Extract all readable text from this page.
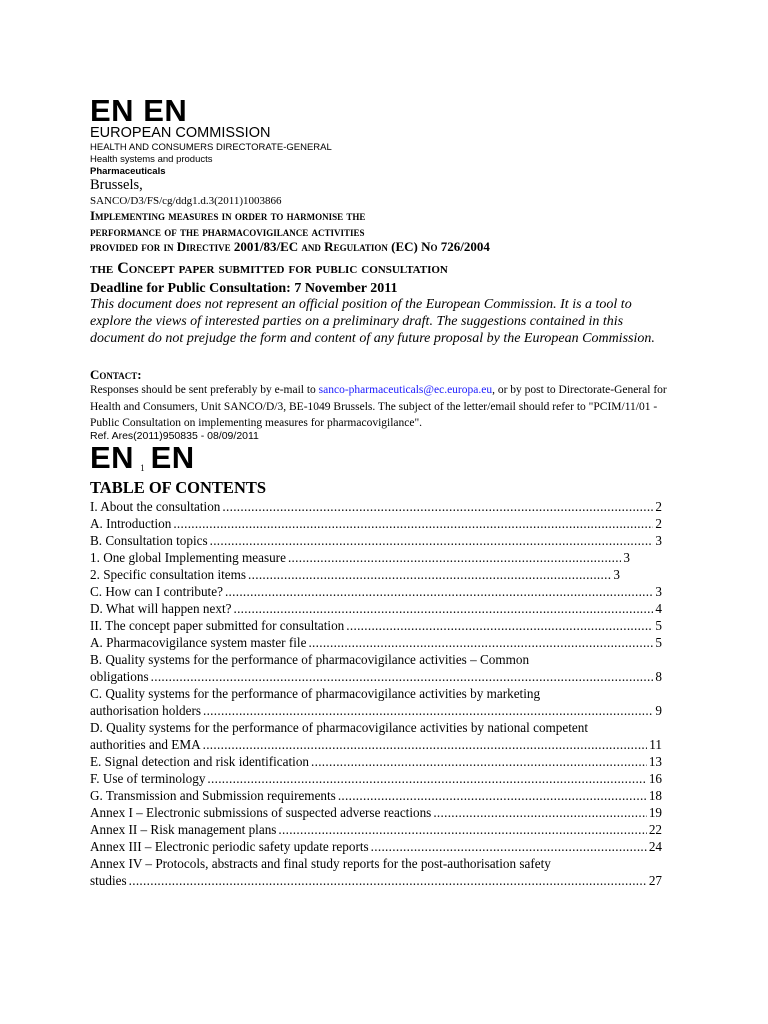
EN EN
EUROPEAN COMMISSION
HEALTH AND CONSUMERS DIRECTORATE-GENERAL
Health systems and products
Pharmaceuticals
Brussels,
SANCO/D3/FS/cg/ddg1.d.3(2011)1003866
Implementing measures in order to harmonise the
performance of the pharmacovigilance activities
provided for in Directive 2001/83/EC and Regulation (EC) No 726/2004
the Concept paper submitted for public consultation
Deadline for Public Consultation: 7 November 2011
This document does not represent an official position of the European Commission. It is a tool to explore the views of interested parties on a preliminary draft. The suggestions contained in this document do not prejudge the form and content of any future proposal by the European Commission.
Contact:
Responses should be sent preferably by e-mail to sanco-pharmaceuticals@ec.europa.eu, or by post to Directorate-General for Health and Consumers, Unit SANCO/D/3, BE-1049 Brussels. The subject of the letter/email should refer to "PCIM/11/01 - Public Consultation on implementing measures for pharmacovigilance".
Ref. Ares(2011)950835 - 08/09/2011
EN 1 EN
TABLE OF CONTENTS
I. About the consultation .....	2
A. Introduction .....	2
B. Consultation topics .....	3
1. One global Implementing measure .....	3
2. Specific consultation items .....	3
C. How can I contribute? .....	3
D. What will happen next? .....	4
II. The concept paper submitted for consultation .....	5
A. Pharmacovigilance system master file .....	5
B. Quality systems for the performance of pharmacovigilance activities – Common
obligations .....	8
C. Quality systems for the performance of pharmacovigilance activities by marketing
authorisation holders .....	9
D. Quality systems for the performance of pharmacovigilance activities by national competent
authorities and EMA .....	11
E. Signal detection and risk identification .....	13
F. Use of terminology .....	16
G. Transmission and Submission requirements .....	18
Annex I – Electronic submissions of suspected adverse reactions .....	19
Annex II – Risk management plans .....	22
Annex III – Electronic periodic safety update reports .....	24
Annex IV – Protocols, abstracts and final study reports for the post-authorisation safety
studies .....	27
